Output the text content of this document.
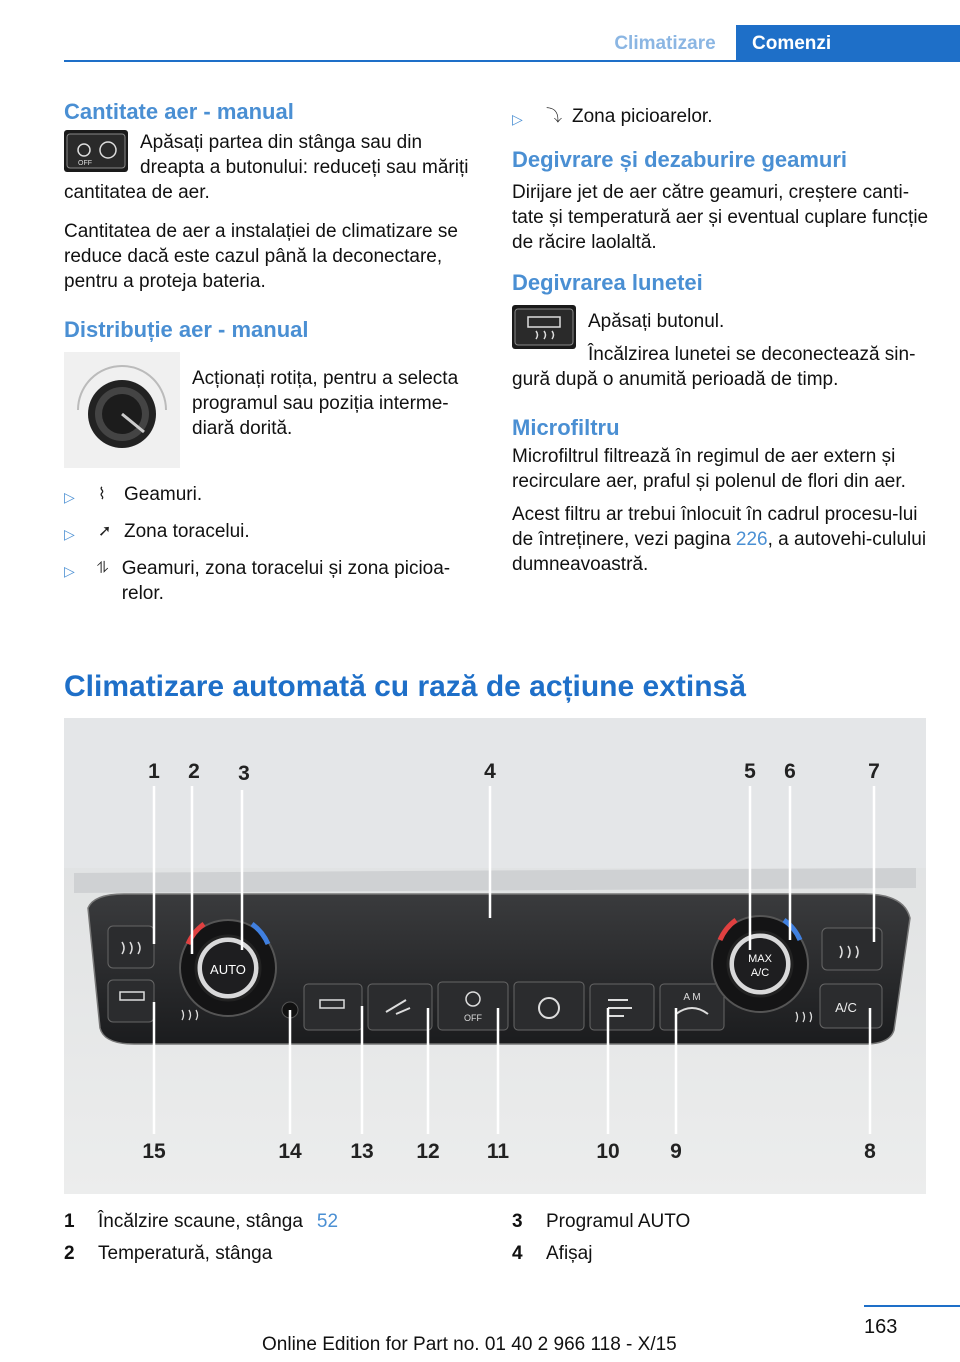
Climatizare	Comenzi
Cantitate aer - manual
OFF

Apăsați partea din stânga sau din dreapta a butonului: reduceți sau măriți cantitatea de aer.

Cantitatea de aer a instalației de climatizare se reduce dacă este cazul până la deconectare, pentru a proteja bateria.

Distribuție aer - manual

Acționați rotița, pentru a selecta programul sau poziția interme-diară dorită.

▷	⌇ Geamuri.
▷	➚ Zona toracelui.
▷	⥮ Geamuri, zona toracelui și zona picioa-relor.
▷	⤵ Zona picioarelor.
Degivrare și dezaburire geamuri

Dirijare jet de aer către geamuri, creștere canti-tate și temperatură aer și eventual cuplare funcție de răcire laolaltă.

Degivrarea lunetei

Apăsați butonul.

Încălzirea lunetei se deconectează sin-gură după o anumită perioadă de timp.

Microfiltru

Microfiltrul filtrează în regimul de aer extern și recirculare aer, praful și polenul de flori din aer.

Acest filtru ar trebui înlocuit în cadrul procesu-lui de întreținere, vezi pagina 226, a autovehi-culului dumneavoastră.

Climatizare automată cu rază de acțiune extinsă
AUTO
OFF
A M
MAX
A/C
A/C
1 2 3	4	5 6	7
15	14 13 12 11	10 9	8
1	Încălzire scaune, stânga 52
2	Temperatură, stânga
3	Programul AUTO
4	Afișaj
163
Online Edition for Part no. 01 40 2 966 118 - X/15
